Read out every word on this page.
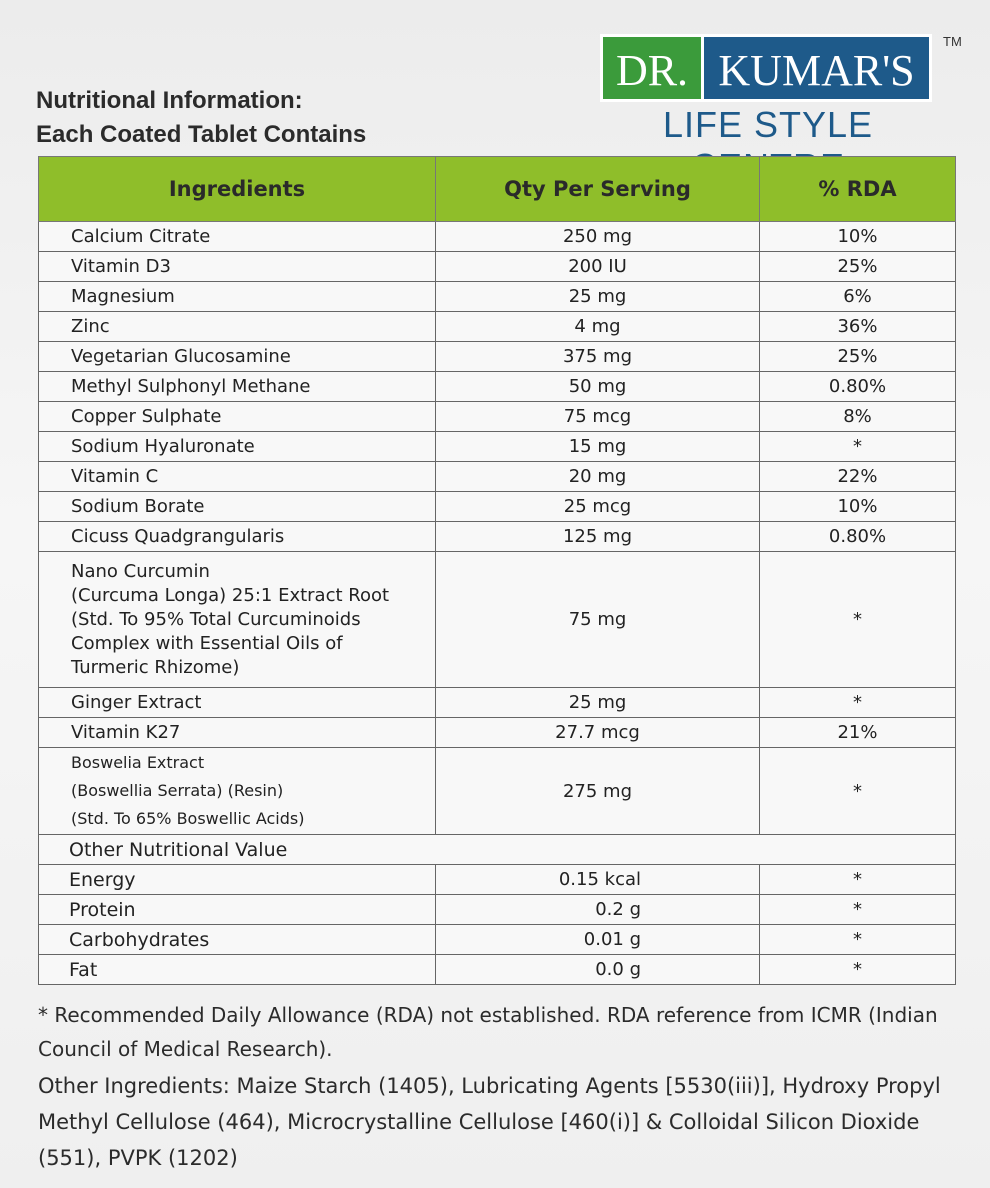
Nutritional Information:
Each Coated Tablet Contains
DR. KUMAR'S
TM
LIFE STYLE
Ingredients	Qty Per Serving	% RDA
Calcium Citrate	250 mg	10%
Vitamin D3	200 IU	25%
Magnesium	25 mg	6%
Zinc	4 mg	36%
Vegetarian Glucosamine	375 mg	25%
Methyl Sulphonyl Methane	50 mg	0.80%
Copper Sulphate	75 mcg	8%
Sodium Hyaluronate	15 mg	*
Vitamin C	20 mg	22%
Sodium Borate	25 mcg	10%
Cicuss Quadgrangularis	125 mg	0.80%

Nano Curcumin
(Curcuma Longa) 25:1 Extract Root
(Std. To 95% Total Curcuminoids
Complex with Essential Oils of
Turmeric Rhizome)	75 mg	*
Ginger Extract	25 mg	*
Vitamin K27	27.7 mcg	21%

Boswelia Extract
(Boswellia Serrata) (Resin)
(Std. To 65% Boswellic Acids)	275 mg	*
Other Nutritional Value		
Energy	0.15 kcal	*
Protein	0.2 g	*
Carbohydrates	0.01 g	*
Fat	0.0 g	*
* Recommended Daily Allowance (RDA) not established. RDA reference from ICMR (Indian Council of Medical Research).
Other Ingredients: Maize Starch (1405), Lubricating Agents [5530(iii)], Hydroxy Propyl Methyl Cellulose (464), Microcrystalline Cellulose [460(i)] & Colloidal Silicon Dioxide (551), PVPK (1202)
